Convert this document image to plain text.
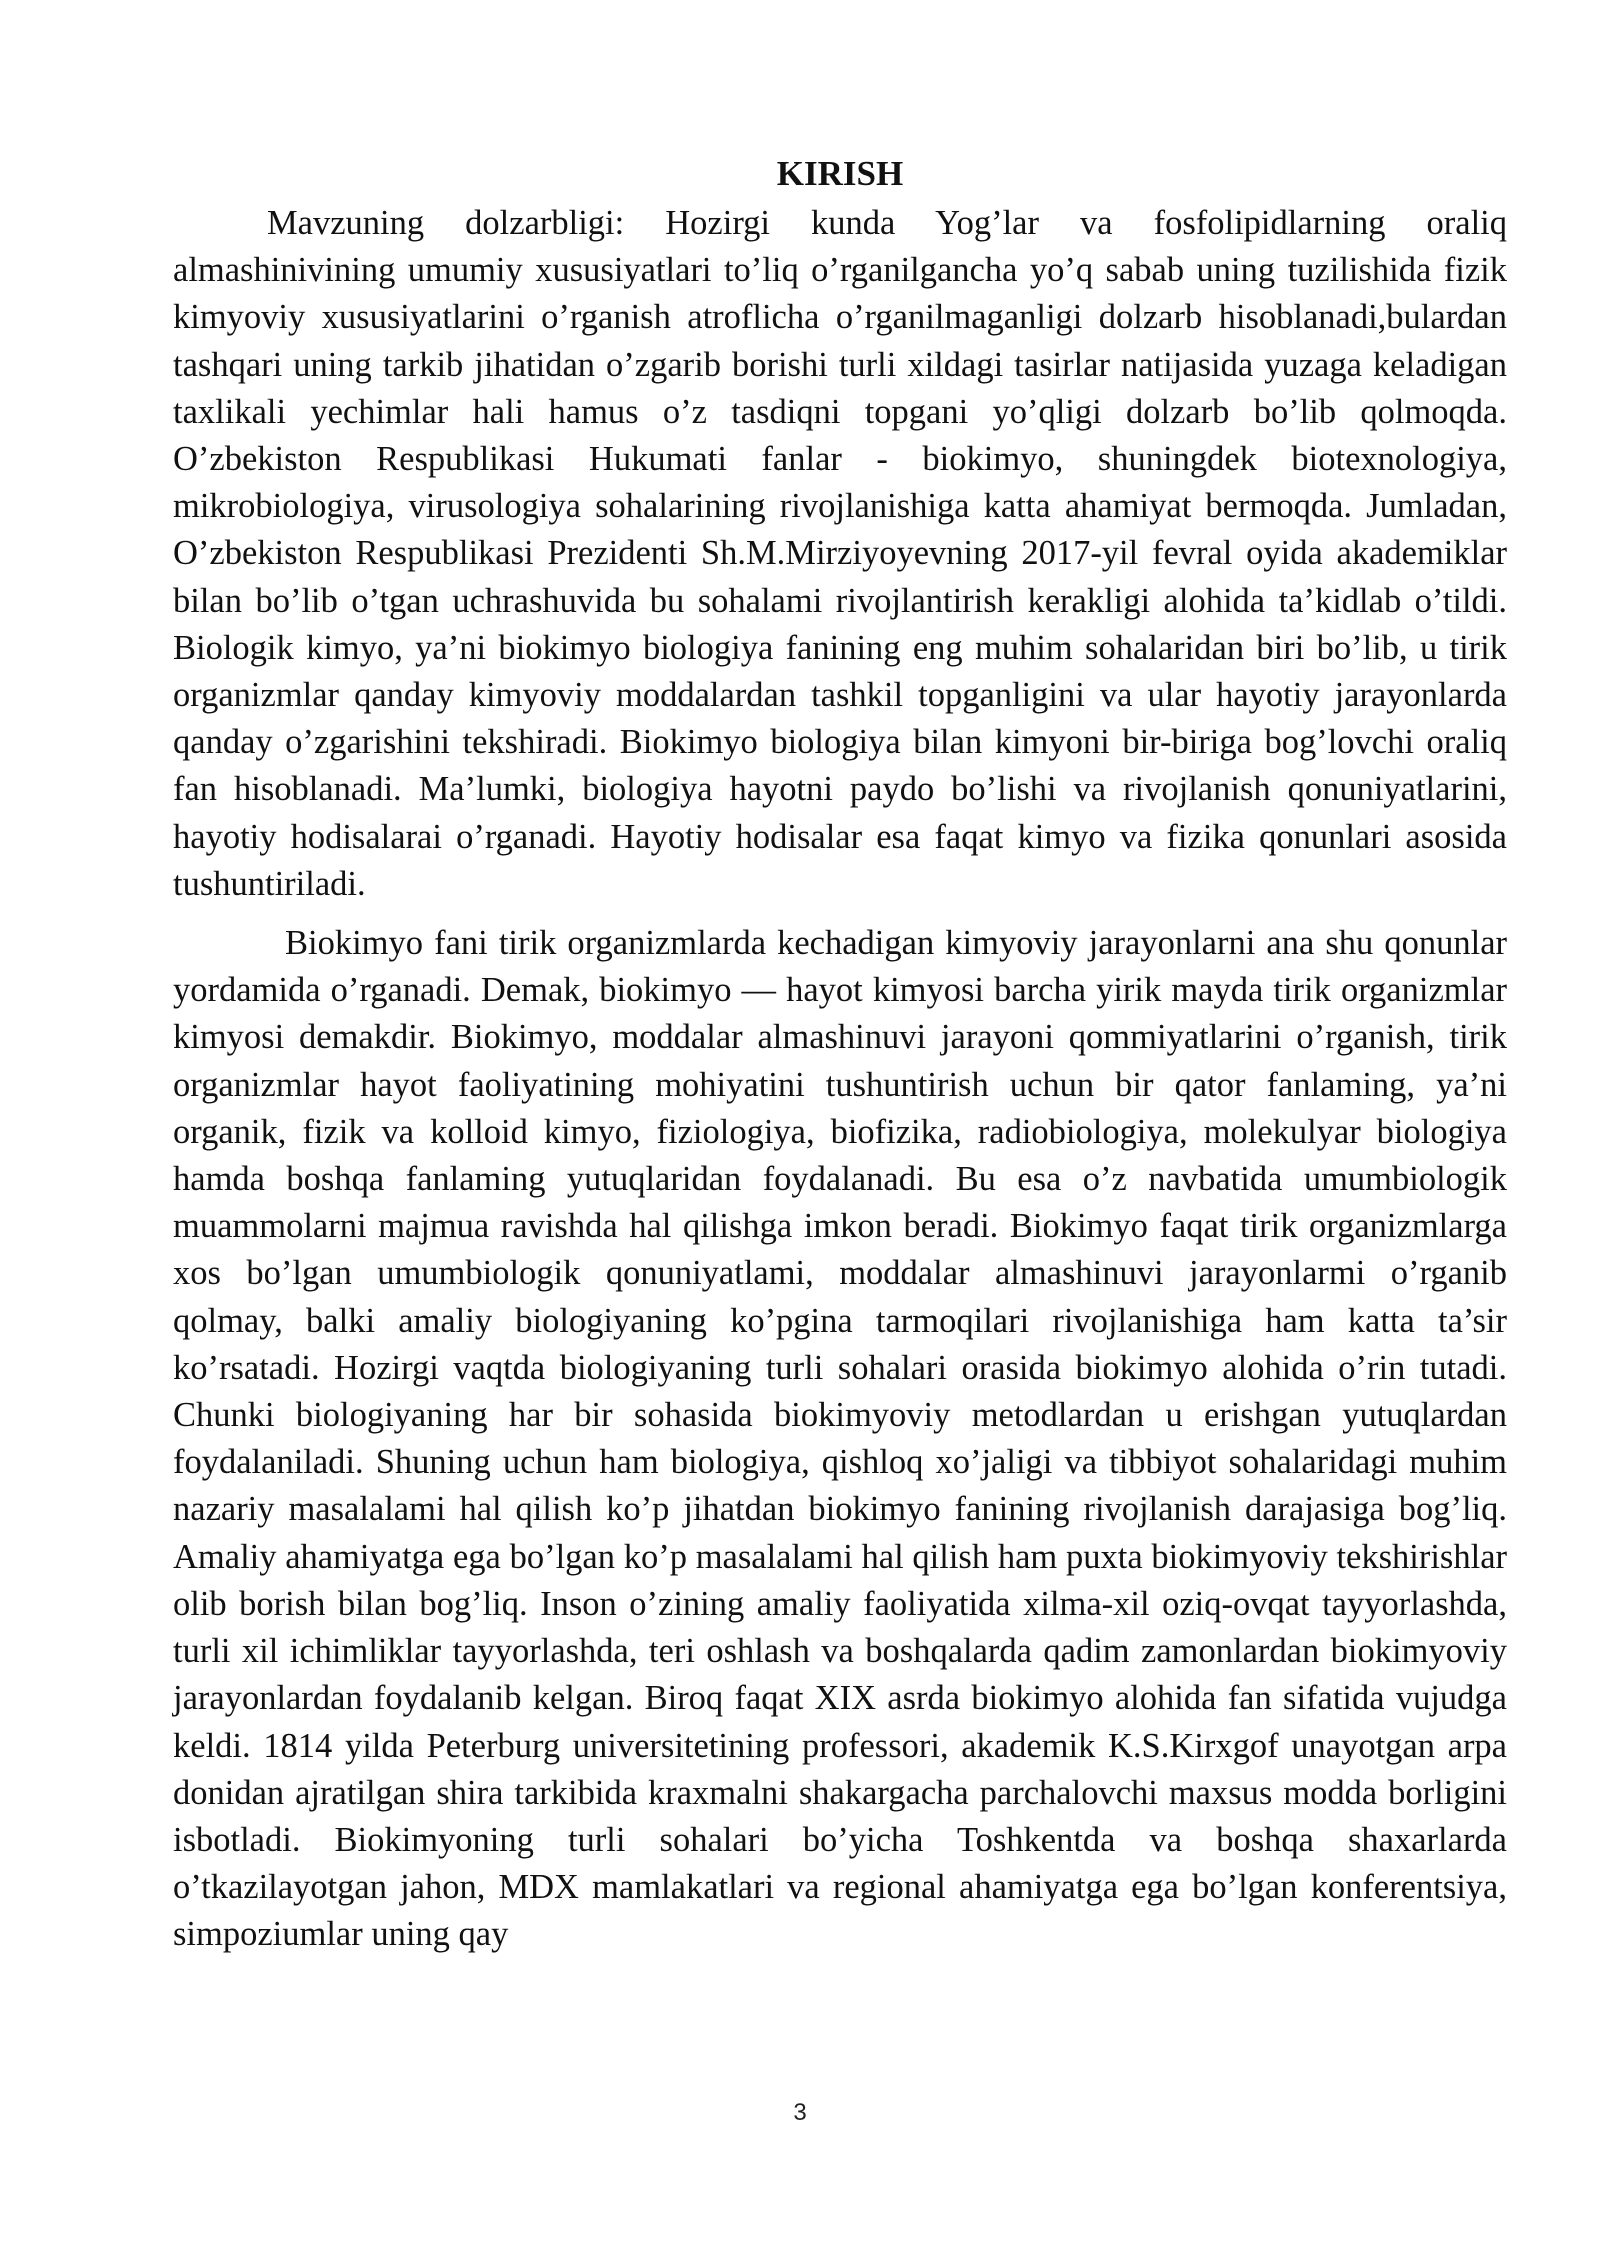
KIRISH

Mavzuning dolzarbligi: Hozirgi kunda Yog’lar va fosfolipidlarning oraliq almashinivining umumiy xususiyatlari to’liq o’rganilgancha yo’q sabab uning tuzilishida fizik kimyoviy xususiyatlarini o’rganish atroflicha o’rganilmaganligi dolzarb hisoblanadi,bulardan tashqari uning tarkib jihatidan o’zgarib borishi turli xildagi tasirlar natijasida yuzaga keladigan taxlikali yechimlar hali hamus o’z tasdiqni topgani yo’qligi dolzarb bo’lib qolmoqda. O’zbekiston Respublikasi Hukumati fanlar - biokimyo, shuningdek biotexnologiya, mikrobiologiya, virusologiya sohalarining rivojlanishiga katta ahamiyat bermoqda. Jumladan, O’zbekiston Respublikasi Prezidenti Sh.M.Mirziyoyevning 2017-yil fevral oyida akademiklar bilan bo’lib o’tgan uchrashuvida bu sohalami rivojlantirish kerakligi alohida ta’kidlab o’tildi. Biologik kimyo, ya’ni biokimyo biologiya fanining eng muhim sohalaridan biri bo’lib, u tirik organizmlar qanday kimyoviy moddalardan tashkil topganligini va ular hayotiy jarayonlarda qanday o’zgarishini tekshiradi. Biokimyo biologiya bilan kimyoni bir-biriga bog’lovchi oraliq fan hisoblanadi. Ma’lumki, biologiya hayotni paydo bo’lishi va rivojlanish qonuniyatlarini, hayotiy hodisalarai o’rganadi. Hayotiy hodisalar esa faqat kimyo va fizika qonunlari asosida tushuntiriladi.

Biokimyo fani tirik organizmlarda kechadigan kimyoviy jarayonlarni ana shu qonunlar yordamida o’rganadi. Demak, biokimyo — hayot kimyosi barcha yirik mayda tirik organizmlar kimyosi demakdir. Biokimyo, moddalar almashinuvi jarayoni qommiyatlarini o’rganish, tirik organizmlar hayot faoliyatining mohiyatini tushuntirish uchun bir qator fanlaming, ya’ni organik, fizik va kolloid kimyo, fiziologiya, biofizika, radiobiologiya, molekulyar biologiya hamda boshqa fanlaming yutuqlaridan foydalanadi. Bu esa o’z navbatida umumbiologik muammolarni majmua ravishda hal qilishga imkon beradi. Biokimyo faqat tirik organizmlarga xos bo’lgan umumbiologik qonuniyatlami, moddalar almashinuvi jarayonlarmi o’rganib qolmay, balki amaliy biologiyaning ko’pgina tarmoqilari rivojlanishiga ham katta ta’sir ko’rsatadi. Hozirgi vaqtda biologiyaning turli sohalari orasida biokimyo alohida o’rin tutadi. Chunki biologiyaning har bir sohasida biokimyoviy metodlardan u erishgan yutuqlardan foydalaniladi. Shuning uchun ham biologiya, qishloq xo’jaligi va tibbiyot sohalaridagi muhim nazariy masalalami hal qilish ko’p jihatdan biokimyo fanining rivojlanish darajasiga bog’liq. Amaliy ahamiyatga ega bo’lgan ko’p masalalami hal qilish ham puxta biokimyoviy tekshirishlar olib borish bilan bog’liq. Inson o’zining amaliy faoliyatida xilma-xil oziq-ovqat tayyorlashda, turli xil ichimliklar tayyorlashda, teri oshlash va boshqalarda qadim zamonlardan biokimyoviy jarayonlardan foydalanib kelgan. Biroq faqat XIX asrda biokimyo alohida fan sifatida vujudga keldi. 1814 yilda Peterburg universitetining professori, akademik K.S.Kirxgof unayotgan arpa donidan ajratilgan shira tarkibida kraxmalni shakargacha parchalovchi maxsus modda borligini isbotladi. Biokimyoning turli sohalari bo’yicha Toshkentda va boshqa shaxarlarda o’tkazilayotgan jahon, MDX mamlakatlari va regional ahamiyatga ega bo’lgan konferentsiya, simpoziumlar uning qay

3
